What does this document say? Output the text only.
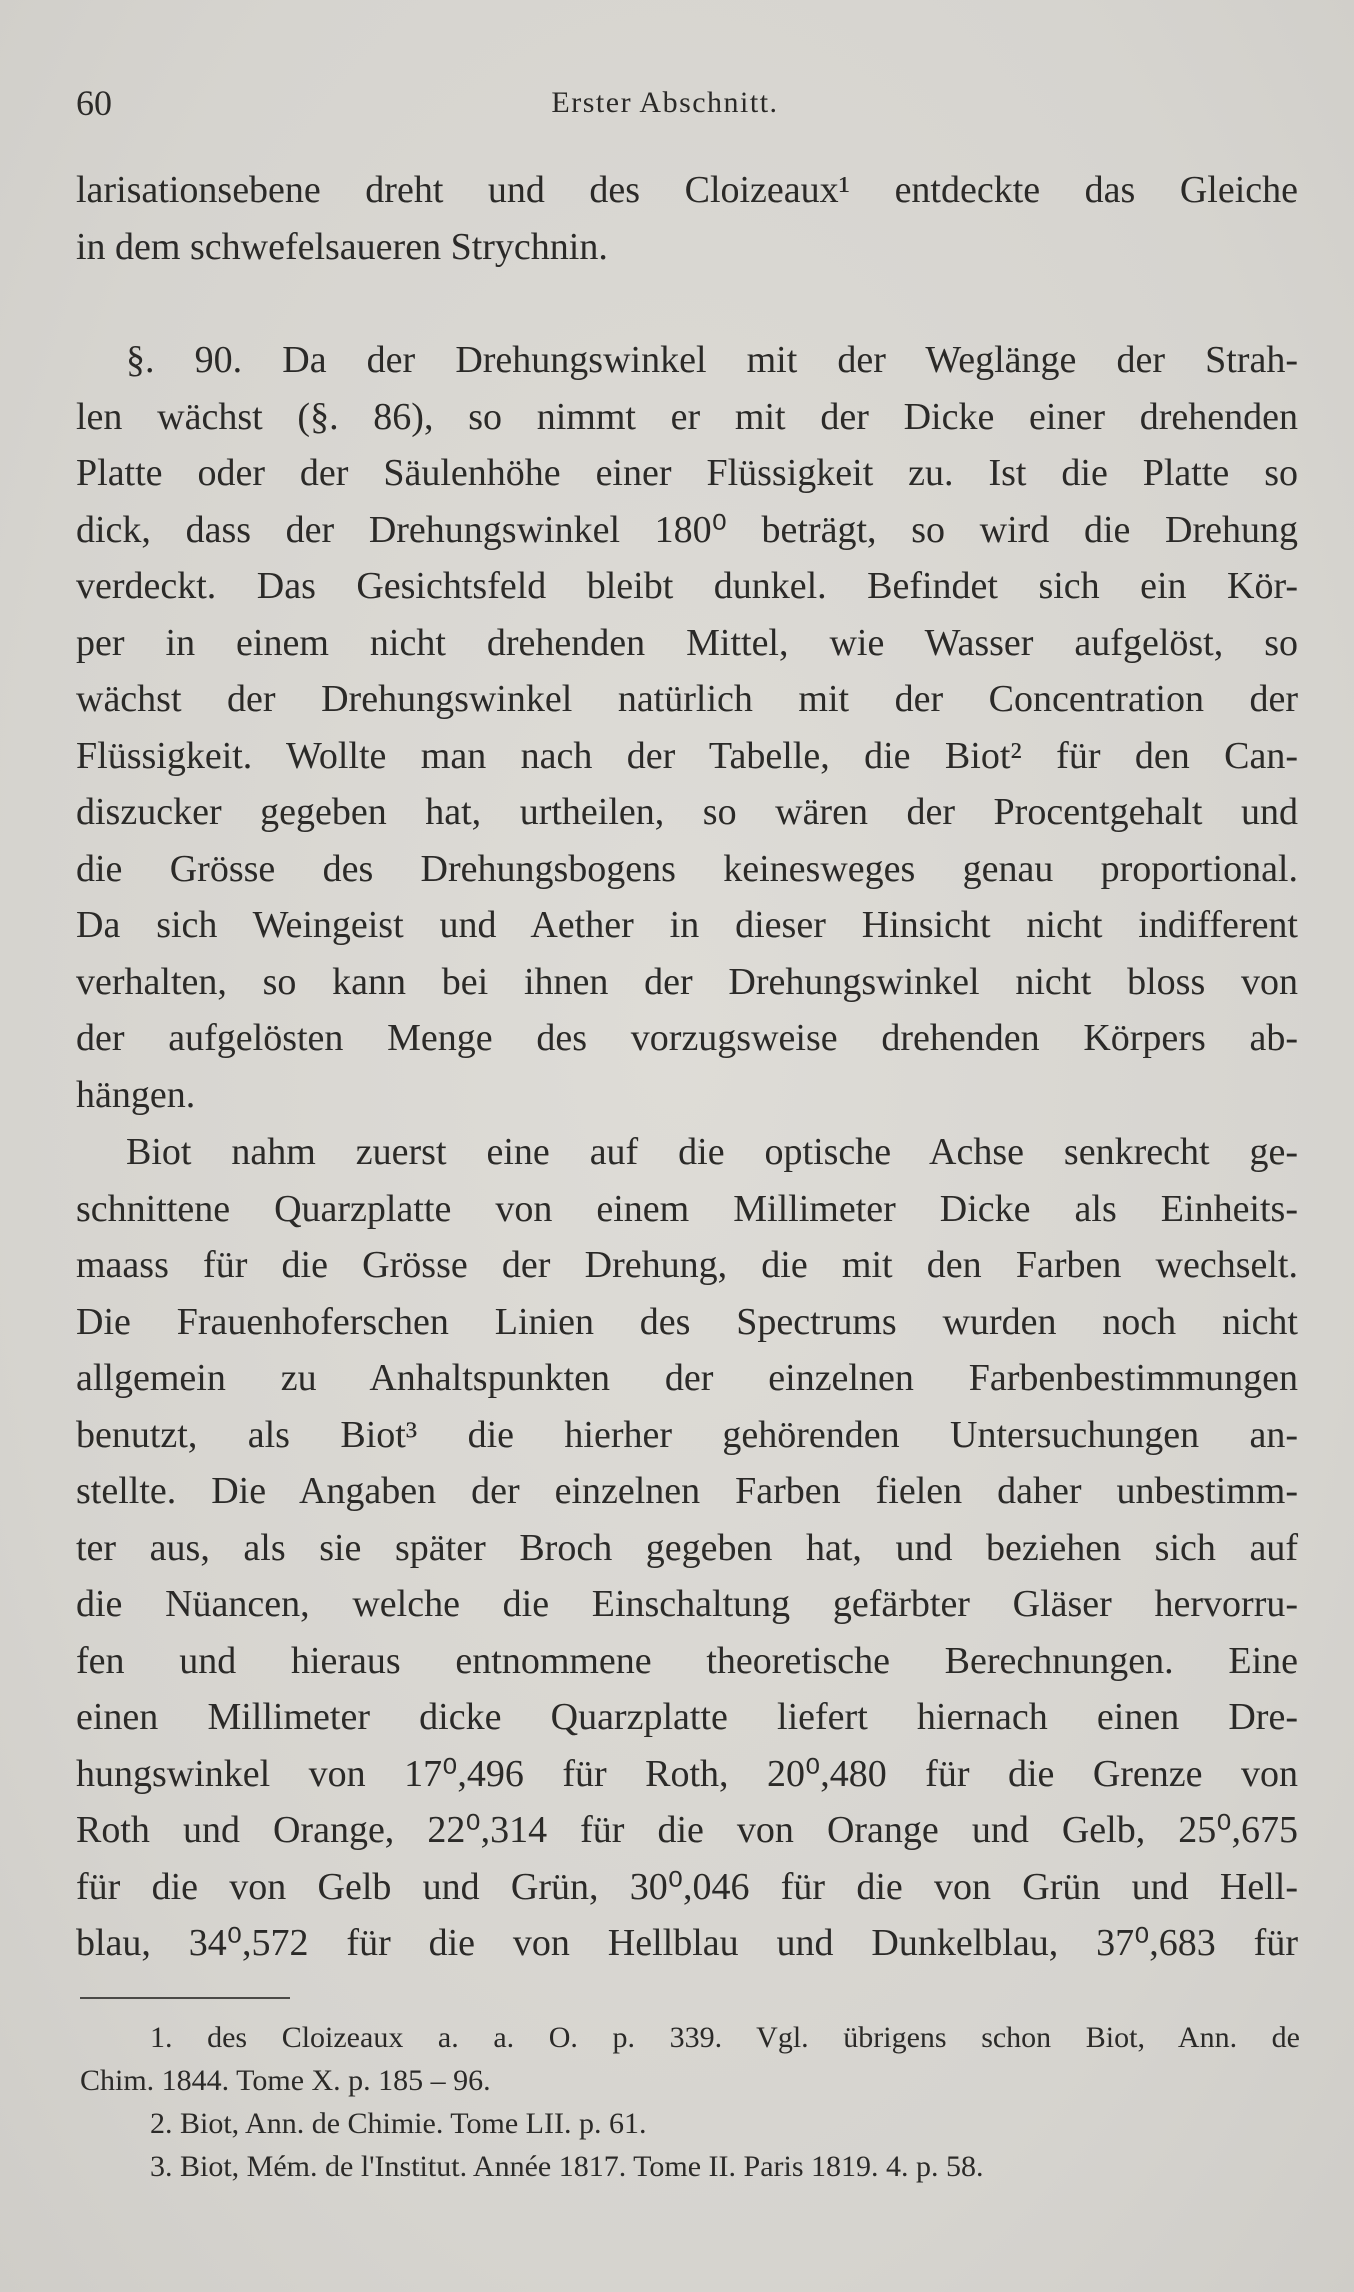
60	Erster Abschnitt.
larisationsebene dreht und des Cloizeaux¹ entdeckte das Gleiche
in dem schwefelsaueren Strychnin.
§. 90. Da der Drehungswinkel mit der Weglänge der Strah-
len wächst (§. 86), so nimmt er mit der Dicke einer drehenden
Platte oder der Säulenhöhe einer Flüssigkeit zu. Ist die Platte so
dick, dass der Drehungswinkel 180⁰ beträgt, so wird die Drehung
verdeckt. Das Gesichtsfeld bleibt dunkel. Befindet sich ein Kör-
per in einem nicht drehenden Mittel, wie Wasser aufgelöst, so
wächst der Drehungswinkel natürlich mit der Concentration der
Flüssigkeit. Wollte man nach der Tabelle, die Biot² für den Can-
diszucker gegeben hat, urtheilen, so wären der Procentgehalt und
die Grösse des Drehungsbogens keinesweges genau proportional.
Da sich Weingeist und Aether in dieser Hinsicht nicht indifferent
verhalten, so kann bei ihnen der Drehungswinkel nicht bloss von
der aufgelösten Menge des vorzugsweise drehenden Körpers ab-
hängen.
Biot nahm zuerst eine auf die optische Achse senkrecht ge-
schnittene Quarzplatte von einem Millimeter Dicke als Einheits-
maass für die Grösse der Drehung, die mit den Farben wechselt.
Die Frauenhoferschen Linien des Spectrums wurden noch nicht
allgemein zu Anhaltspunkten der einzelnen Farbenbestimmungen
benutzt, als Biot³ die hierher gehörenden Untersuchungen an-
stellte. Die Angaben der einzelnen Farben fielen daher unbestimm-
ter aus, als sie später Broch gegeben hat, und beziehen sich auf
die Nüancen, welche die Einschaltung gefärbter Gläser hervorru-
fen und hieraus entnommene theoretische Berechnungen. Eine
einen Millimeter dicke Quarzplatte liefert hiernach einen Dre-
hungswinkel von 17⁰,496 für Roth, 20⁰,480 für die Grenze von
Roth und Orange, 22⁰,314 für die von Orange und Gelb, 25⁰,675
für die von Gelb und Grün, 30⁰,046 für die von Grün und Hell-
blau, 34⁰,572 für die von Hellblau und Dunkelblau, 37⁰,683 für
1. des Cloizeaux a. a. O. p. 339. Vgl. übrigens schon Biot, Ann. de
Chim. 1844. Tome X. p. 185 – 96.
2. Biot, Ann. de Chimie. Tome LII. p. 61.
3. Biot, Mém. de l'Institut. Année 1817. Tome II. Paris 1819. 4. p. 58.
